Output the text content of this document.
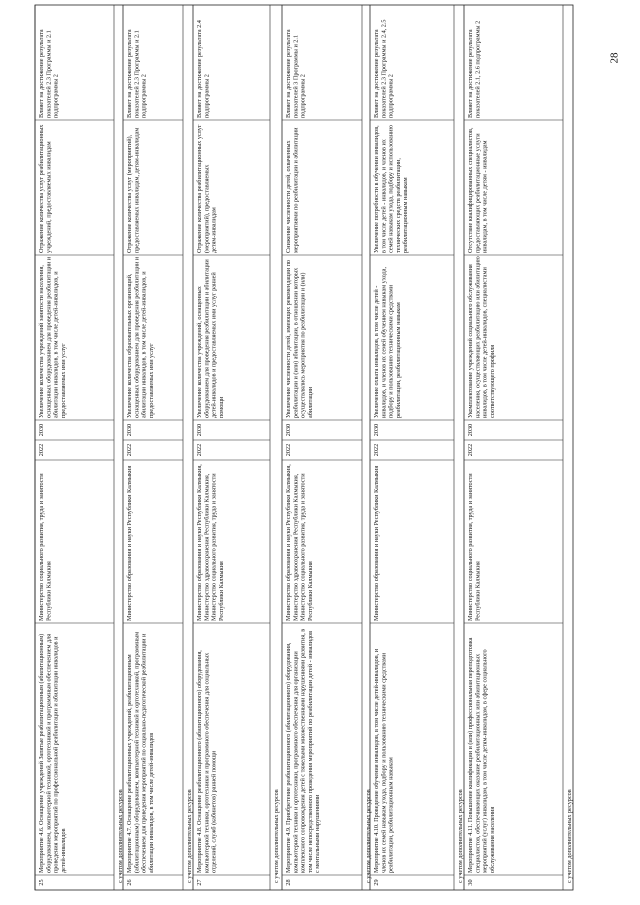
28
25
Мероприятие 4.6. Оснащение учреждений Запятые реабилитационным (абилитационным)оборудованием, компьютерной техникой, ортотехникой и программным обеспечением дляпроведения мероприятий по профессиональной реабилитации и абилитации инвалидов идетей-инвалидов
Министерство социального развития, труда и занятостиРеспублики Калмыкия
2022
2030
Увеличение количества учреждений занятости населения,оснащенных оборудованием для проведения реабилитации иабилитации инвалидов, в том числе детей-инвалидов, ипредоставляемых ими услуг
Отражение количества услуг реабилитационныхучреждений, предоставляемых инвалидам
Влияет на достижение результатапоказателей 2.3 Программы и 2.1подпрограммы 2
с учетом дополнительных ресурсов 26
Мероприятие 4.7. Оснащение реабилитационных учреждений, реабилитационным(абилитационным) оборудованием, компьютерной техникой и ортотехникой, программнымобеспечением для проведения мероприятий по социально-педагогической реабилитации иабилитации инвалидов, в том числе детей-инвалидов
Министерство образования и науки Республики Калмыкия
2022
2030
Увеличение количества образовательных организаций,оснащенных оборудованием для проведения реабилитации иабилитации инвалидов, в том числе детей-инвалидов, ипредоставляемых ими услуг
Отражение количества услуг (мероприятий),предоставляемых инвалидам, детям-инвалидам
Влияет на достижение результатапоказателей 2.3 Программы и 2.1подпрограммы 2
с учетом дополнительных ресурсов 27
Мероприятие 4.8. Оснащение реабилитационного (абилитационного) оборудования,компьютерной техники, ортотехники и программного обеспечения для социальныхотделений, служб (кабинетов) ранней помощи
Министерство образования и науки Республики Калмыкия,Министерство здравоохранения Республики Калмыкия,Министерство социального развития, труда и занятостиРеспублики Калмыкия
2022
2030
Увеличение количества учреждений, оснащенныхоборудованием для проведения реабилитации и абилитациидетей-инвалидов и предоставляемых ими услуг раннейпомощи
Отражение количества реабилитационных услуг(мероприятий), предоставляемыхдетям-инвалидам
Влияет на достижение результата 2.4подпрограммы 2
с учетом дополнительных ресурсов 28
Мероприятие 4.9. Приобретение реабилитационного (абилитационного) оборудования,компьютерной техники и ортотехники, программного обеспечения для организациикомплексного сопровождения детей с тяжелыми множественными нарушениями развития, втом числе непосредственного проведения мероприятий по реабилитации детей - инвалидовс ментальными нарушениями
Министерство образования и науки Республики Калмыкия,Министерство здравоохранения Республики Калмыкия,Министерство социального развития, труда и занятостиРеспублики Калмыкия
2022
2030
Увеличение численности детей, имеющих рекомендации пореабилитации и (или) абилитации, в отношении которыхосуществлялись мероприятия по реабилитации и (или)абилитации
Снижение численности детей, охваченныхмероприятиями по реабилитации и абилитации
Влияет на достижение результатапоказателей 3 Программы и 2.1подпрограммы 2
с учетом дополнительных ресурсов 29
Мероприятие 4.10. Проведение обучения инвалидов, в том числе детей-инвалидов, ичленов их семей навыкам ухода, подбору и пользованию техническими средствамиреабилитации, реабилитационным навыкам
Министерство образования и науки Республики Калмыкия
2022
2030
Увеличение охвата инвалидов, в том числе детей -инвалидов, и членов их семей обучением навыкам ухода,подбору и пользованию техническими средствамиреабилитации, реабилитационным навыкам
Увеличение потребности в обучении инвалидов,в том числе детей - инвалидов, и членов ихсемей навыкам ухода, подбору и использованиютехнических средств реабилитации,реабилитационным навыкам
Влияет на достижение результатапоказателей 2.3 Программы и 2.4, 2.5подпрограммы 2
с учетом дополнительных ресурсов 30
Мероприятие 4.11. Повышение квалификации и (или) профессиональная переподготовкаспециалистов, обеспечивающих оказание реабилитационных или абилитационныхмероприятий (услуг) инвалидам, в том числе детям-инвалидам, в сфере социальногообслуживания населения
Министерство социального развития, труда и занятостиРеспублики Калмыкия
2022
2030
Укомплектование учреждений социального обслуживаниянаселения, осуществляющих реабилитацию или абилитациюинвалидов, в том числе детей-инвалидов, специалистамисоответствующего профиля
Отсутствие квалифицированных специалистов,предоставляющих реабилитационные услугиинвалидам, в том числе детям - инвалидам
Влияет на достижение результатапоказателей 2.1, 2.6 подпрограммы 2
с учетом дополнительных ресурсов
